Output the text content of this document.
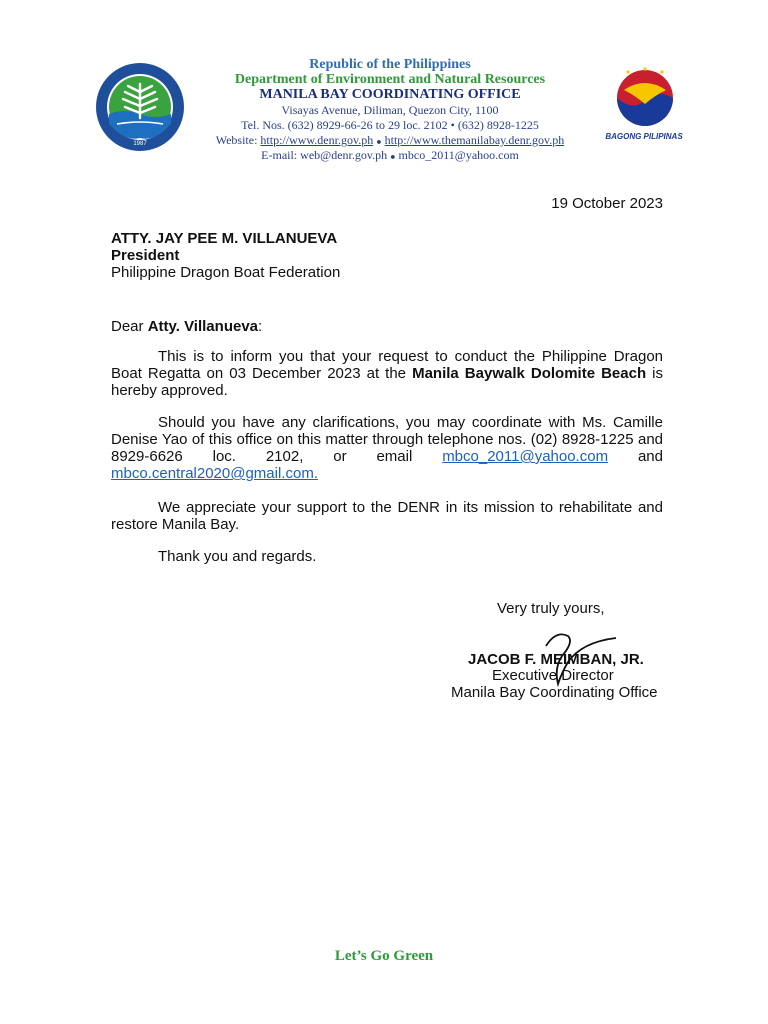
1987
Republic of the Philippines
Department of Environment and Natural Resources
MANILA BAY COORDINATING OFFICE
Visayas Avenue, Diliman, Quezon City, 1100
Tel. Nos. (632) 8929-66-26 to 29 loc. 2102 • (632) 8928-1225
Website: http://www.denr.gov.ph ● http://www.themanilabay.denr.gov.ph
E-mail: web@denr.gov.ph ● mbco_2011@yahoo.com
BAGONG PILIPINAS
19 October 2023
ATTY. JAY PEE M. VILLANUEVA
President
Philippine Dragon Boat Federation
Dear Atty. Villanueva:
This is to inform you that your request to conduct the Philippine Dragon Boat Regatta on 03 December 2023 at the Manila Baywalk Dolomite Beach is hereby approved.
Should you have any clarifications, you may coordinate with Ms. Camille Denise Yao of this office on this matter through telephone nos. (02) 8928-1225 and 8929-6626 loc. 2102, or email mbco_2011@yahoo.com and mbco.central2020@gmail.com.
We appreciate your support to the DENR in its mission to rehabilitate and restore Manila Bay.
Thank you and regards.
Very truly yours,
JACOB F. MEIMBAN, JR.
Executive Director
Manila Bay Coordinating Office
Let’s Go Green
